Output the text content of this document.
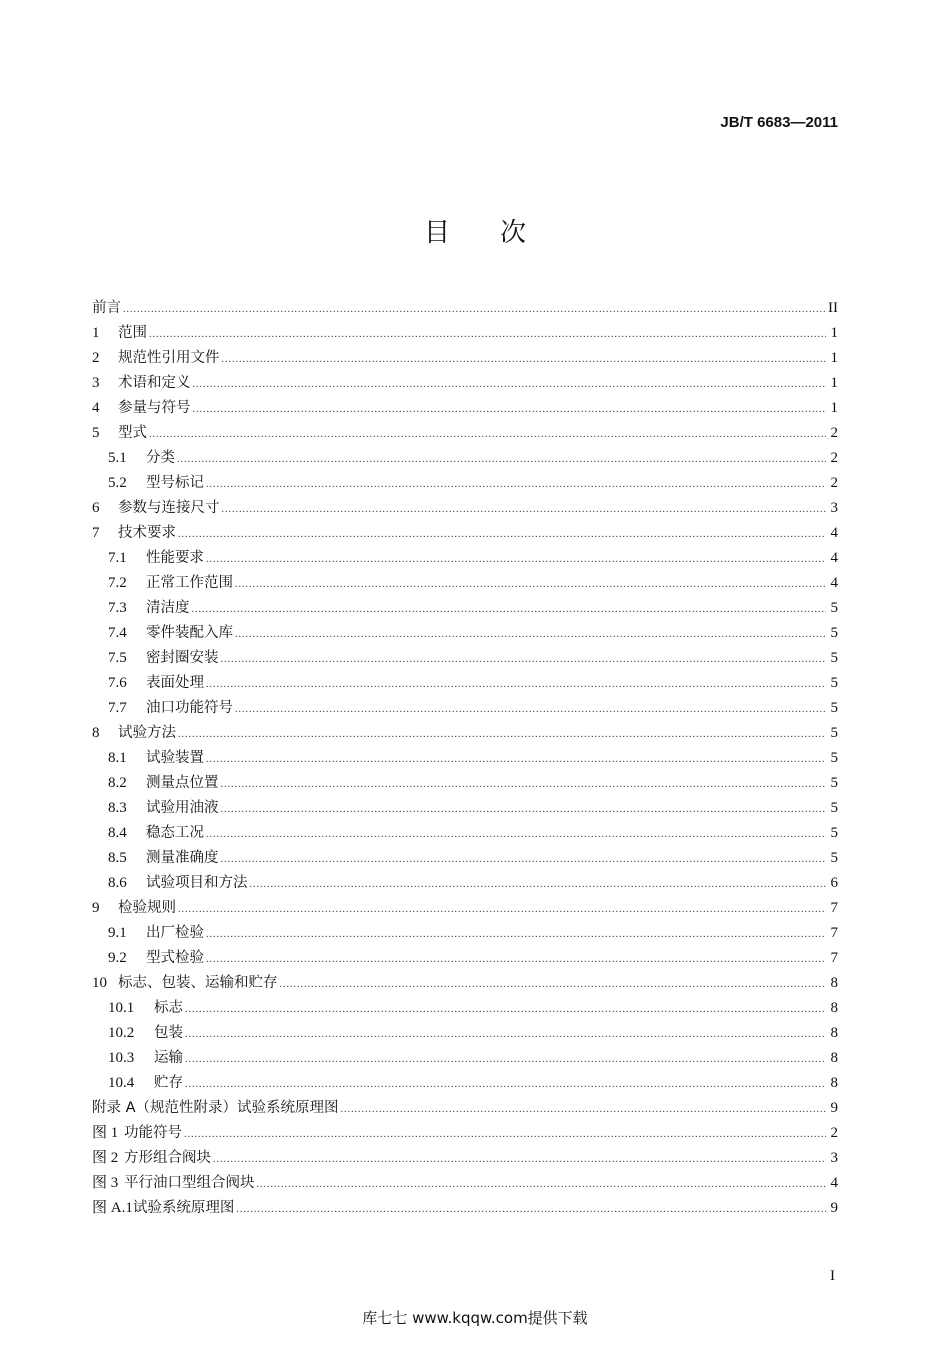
JB/T 6683—2011
目次
前言 .....	II
1	范围 .....	1
2	规范性引用文件 .....	1
3	术语和定义 .....	1
4	参量与符号 .....	1
5	型式 .....	2
5.1	分类 .....	2
5.2	型号标记 .....	2
6	参数与连接尺寸 .....	3
7	技术要求 .....	4
7.1	性能要求 .....	4
7.2	正常工作范围 .....	4
7.3	清洁度 .....	5
7.4	零件装配入库 .....	5
7.5	密封圈安装 .....	5
7.6	表面处理 .....	5
7.7	油口功能符号 .....	5
8	试验方法 .....	5
8.1	试验装置 .....	5
8.2	测量点位置 .....	5
8.3	试验用油液 .....	5
8.4	稳态工况 .....	5
8.5	测量准确度 .....	5
8.6	试验项目和方法 .....	6
9	检验规则 .....	7
9.1	出厂检验 .....	7
9.2	型式检验 .....	7
10 标志、包装、运输和贮存 .....	8
10.1	标志 .....	8
10.2	包装 .....	8
10.3	运输 .....	8
10.4	贮存 .....	8
附录 A（规范性附录）试验系统原理图 .....	9
图 1 功能符号 .....	2
图 2 方形组合阀块 .....	3
图 3 平行油口型组合阀块 .....	4
图 A.1 试验系统原理图 .....	9
I
库七七 www.kqqw.com提供下载
